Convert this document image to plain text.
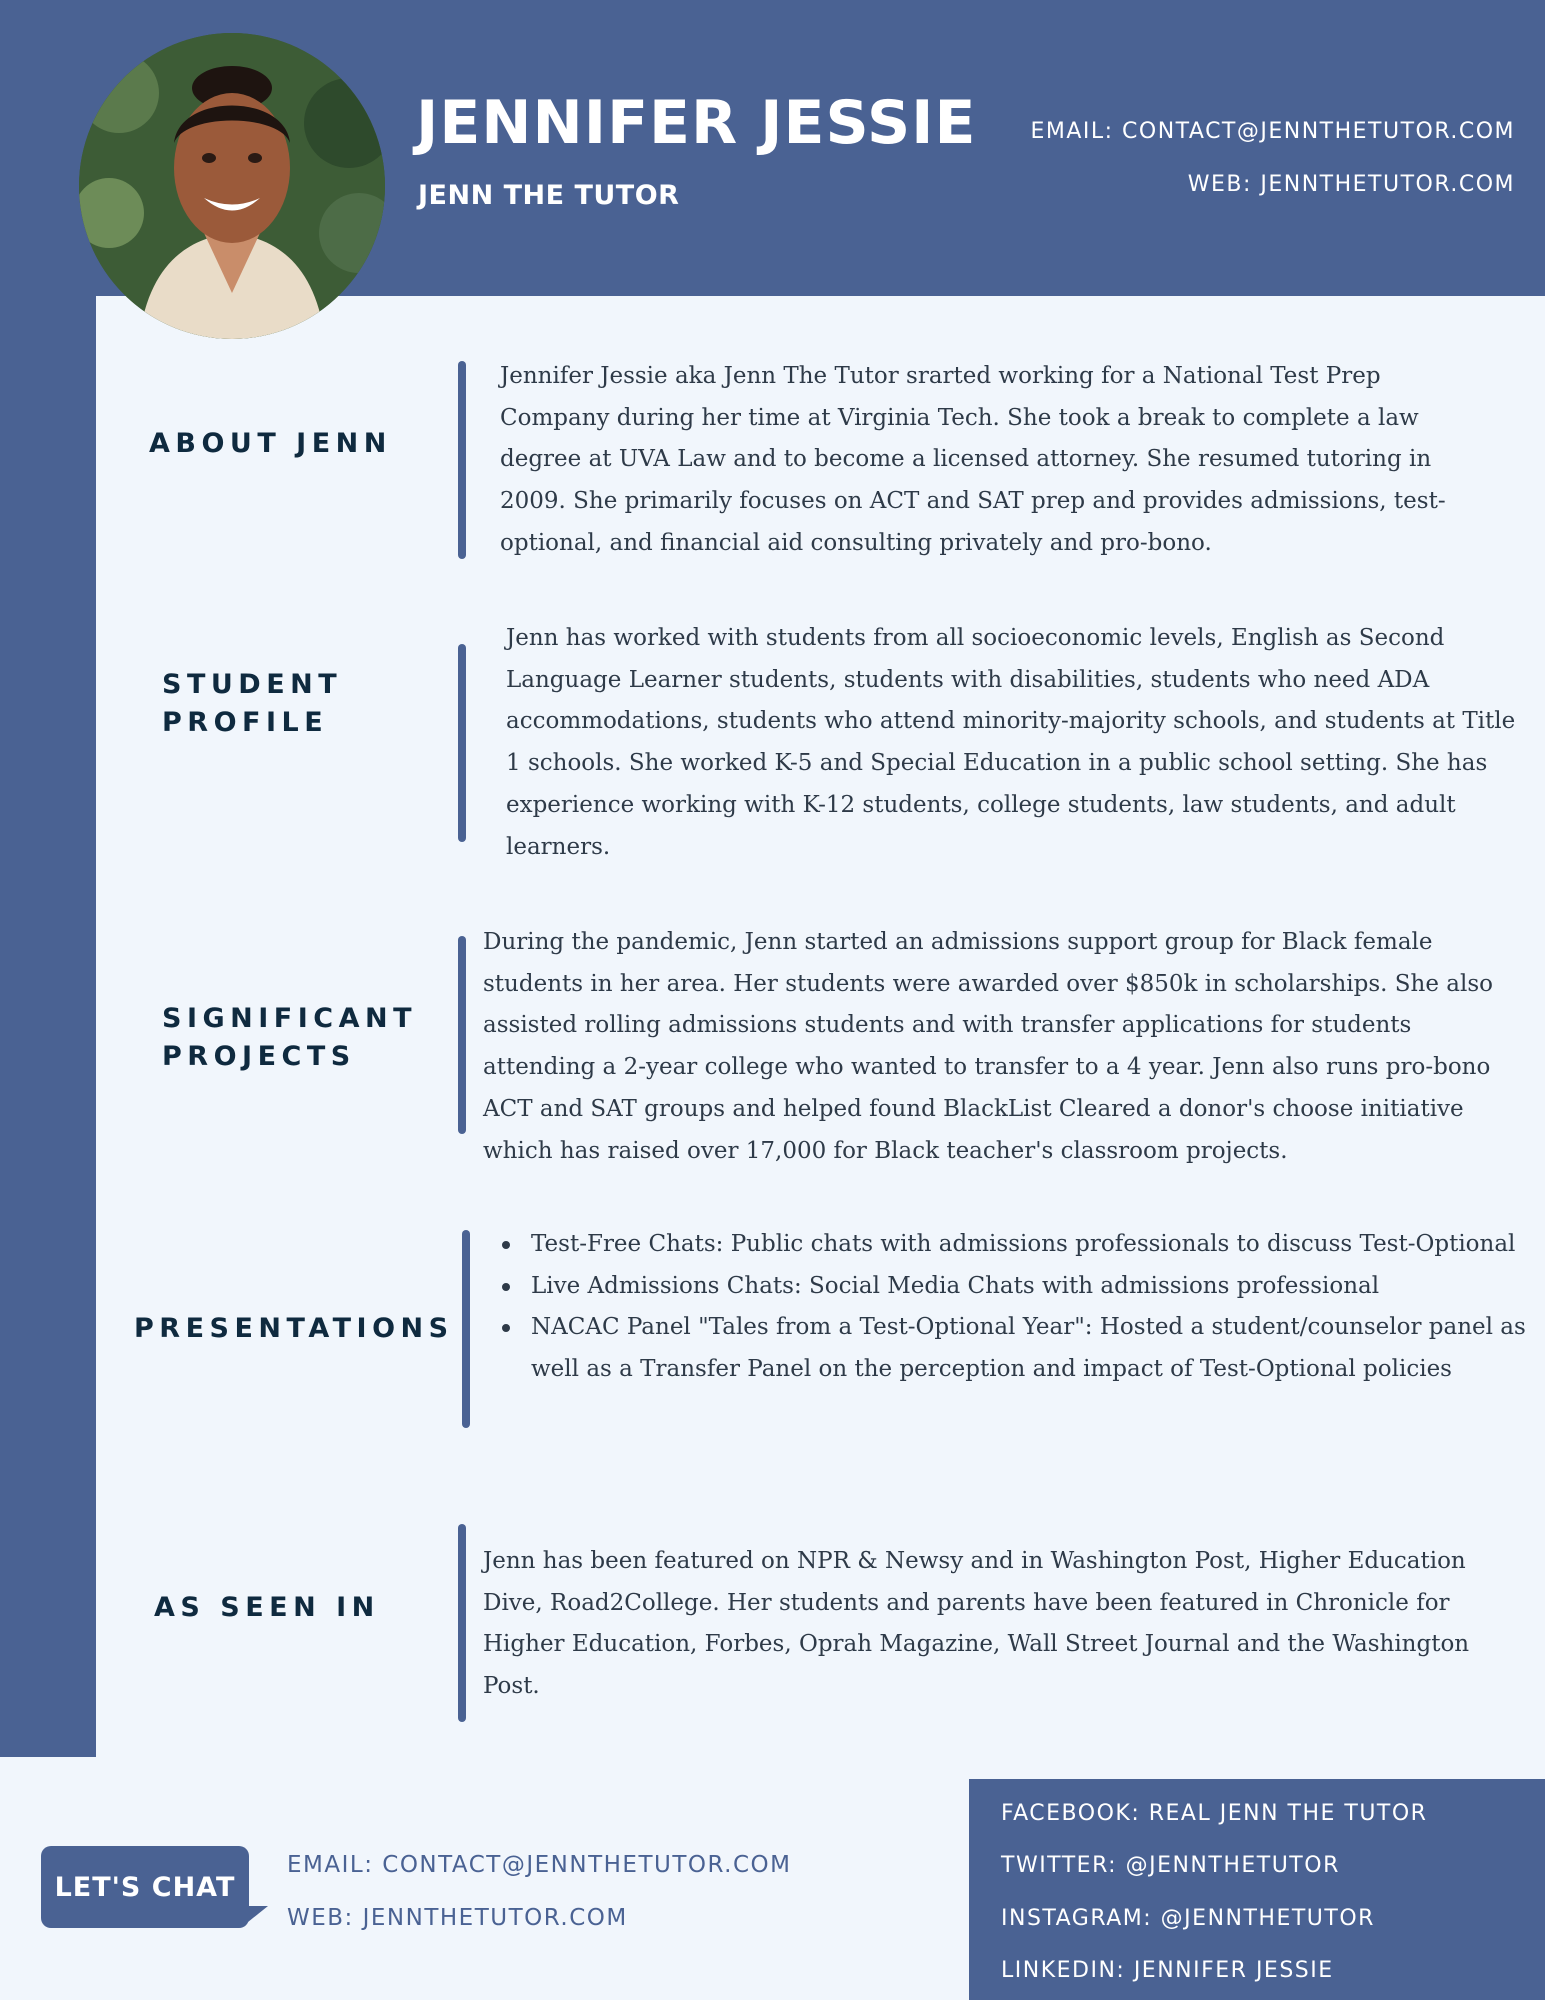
JENNIFER JESSIE
JENN THE TUTOR
EMAIL: CONTACT@JENNTHETUTOR.COM
WEB: JENNTHETUTOR.COM
ABOUT JENN

Jennifer Jessie aka Jenn The Tutor srarted working for a National Test Prep Company during her time at Virginia Tech. She took a break to complete a law degree at UVA Law and to become a licensed attorney. She resumed tutoring in 2009. She primarily focuses on ACT and SAT prep and provides admissions, test-optional, and financial aid consulting privately and pro-bono.

STUDENT
PROFILE

Jenn has worked with students from all socioeconomic levels, English as Second Language Learner students, students with disabilities, students who need ADA accommodations, students who attend minority-majority schools, and students at Title 1 schools. She worked K-5 and Special Education in a public school setting. She has experience working with K-12 students, college students, law students, and adult learners.

SIGNIFICANT
PROJECTS

During the pandemic, Jenn started an admissions support group for Black female students in her area. Her students were awarded over $850k in scholarships. She also assisted rolling admissions students and with transfer applications for students attending a 2-year college who wanted to transfer to a 4 year. Jenn also runs pro-bono ACT and SAT groups and helped found BlackList Cleared a donor's choose initiative which has raised over 17,000 for Black teacher's classroom projects.

PRESENTATIONS
Test-Free Chats: Public chats with admissions professionals to discuss Test-Optional
Live Admissions Chats: Social Media Chats with admissions professional
NACAC Panel "Tales from a Test-Optional Year": Hosted a student/counselor panel as well as a Transfer Panel on the perception and impact of Test-Optional policies
AS SEEN IN

Jenn has been featured on NPR & Newsy and in Washington Post, Higher Education Dive, Road2College. Her students and parents have been featured in Chronicle for Higher Education, Forbes, Oprah Magazine, Wall Street Journal and the Washington Post.

LET'S CHAT
EMAIL: CONTACT@JENNTHETUTOR.COM
WEB: JENNTHETUTOR.COM
FACEBOOK: REAL JENN THE TUTOR
TWITTER: @JENNTHETUTOR
INSTAGRAM: @JENNTHETUTOR
LINKEDIN: JENNIFER JESSIE
